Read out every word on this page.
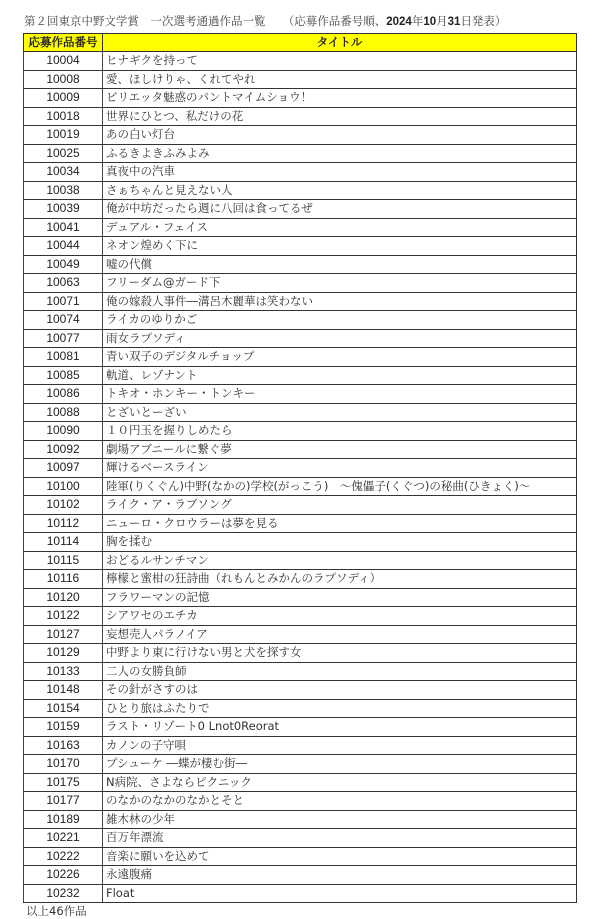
第２回東京中野文学賞　一次選考通過作品一覧　　（応募作品番号順、2024年10月31日発表）
応募作品番号	タイトル
10004	ヒナギクを持って
10008	愛、ほしけりゃ、くれてやれ
10009	ビリエッタ魅惑のパントマイムショウ！
10018	世界にひとつ、私だけの花
10019	あの白い灯台
10025	ふるきよきふみよみ
10034	真夜中の汽車
10038	さぁちゃんと見えない人
10039	俺が中坊だったら週に八回は食ってるぜ
10041	デュアル・フェイス
10044	ネオン煌めく下に
10049	嘘の代償
10063	フリーダム@ガード下
10071	俺の嫁殺人事件―溝呂木麗華は笑わない
10074	ライカのゆりかご
10077	雨女ラプソディ
10081	青い双子のデジタルチョップ
10085	軌道、レゾナント
10086	トキオ・ホンキー・トンキー
10088	とざいとーざい
10090	１０円玉を握りしめたら
10092	劇場アブニールに繋ぐ夢
10097	輝けるベースライン
10100	陸軍(りくぐん)中野(なかの)学校(がっこう)　～傀儡子(くぐつ)の秘曲(ひきょく)～
10102	ライク・ア・ラブソング
10112	ニューロ・クロウラーは夢を見る
10114	胸を揉む
10115	おどるルサンチマン
10116	檸檬と蜜柑の狂詩曲（れもんとみかんのラプソディ）
10120	フラワーマンの記憶
10122	シアワセのエチカ
10127	妄想売人パラノイア
10129	中野より東に行けない男と犬を探す女
10133	二人の女勝負師
10148	その針がさすのは
10154	ひとり旅はふたりで
10159	ラスト・リゾート0 Lnot0Reorat
10163	カノンの子守唄
10170	プシューケ ―蝶が棲む街―
10175	N病院、さよならピクニック
10177	のなかのなかのなかとそと
10189	雑木林の少年
10221	百万年漂流
10222	音楽に願いを込めて
10226	永遠腹痛
10232	Float
以上46作品
